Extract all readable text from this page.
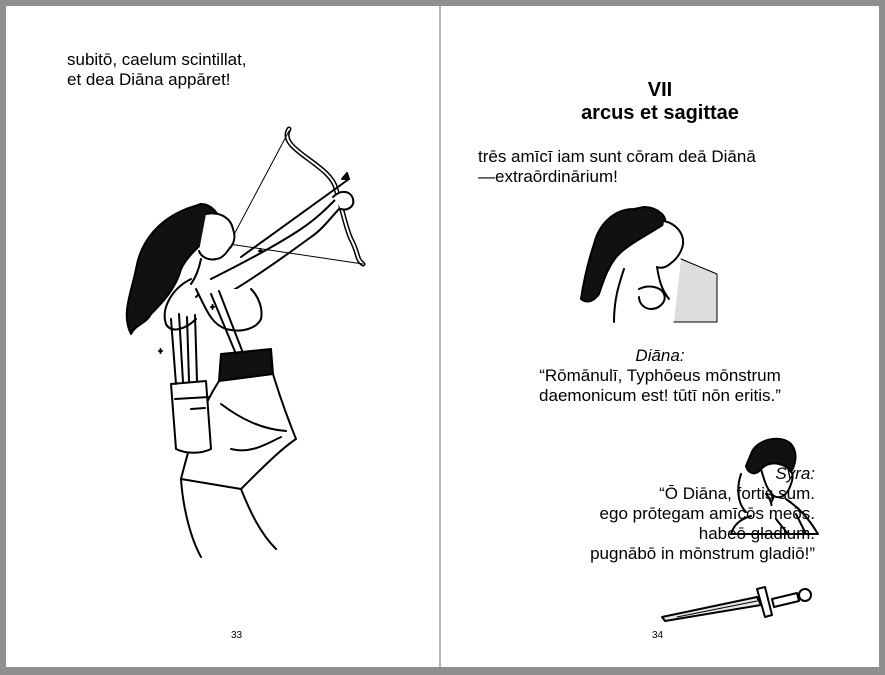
subitō, caelum scintillat,
et dea Diāna appāret!
33
VII
arcus et sagittae
trēs amīcī iam sunt cōram deā Diānā
—extraōrdinārium!
Diāna:
“Rōmānulī, Typhōeus mōnstrum
daemonicum est! tūtī nōn eritis.”
Syra:
“Ō Diāna, fortis sum.
ego prōtegam amīcōs meōs.
habeō gladium.
pugnābō in mōnstrum gladiō!”
34
